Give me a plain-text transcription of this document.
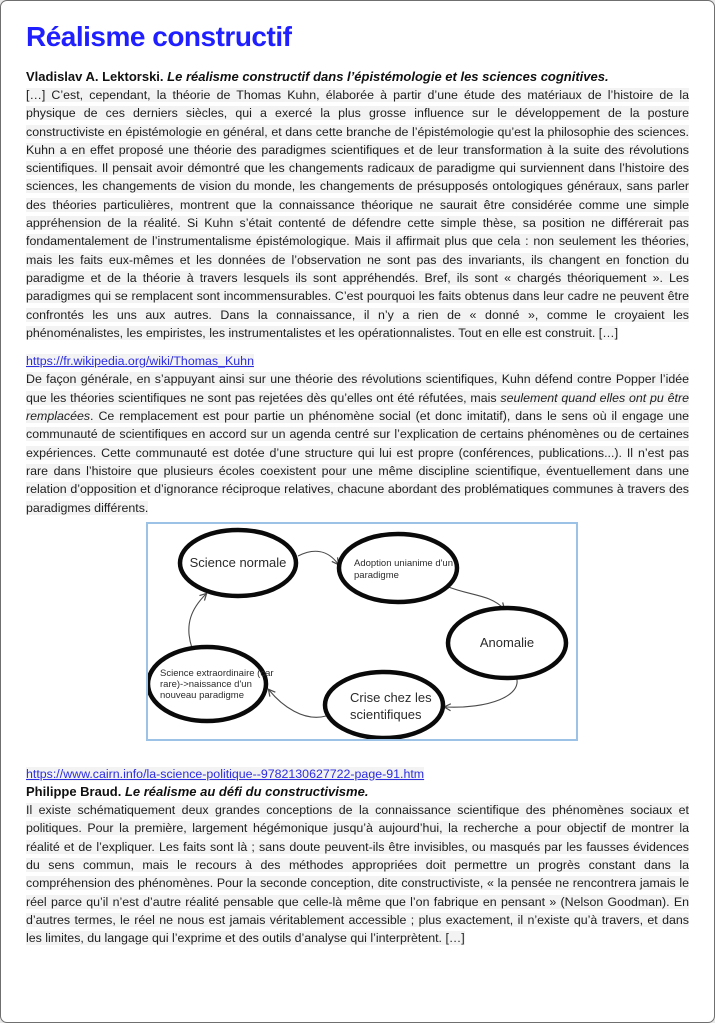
Réalisme constructif

Vladislav A. Lektorski. Le réalisme constructif dans l’épistémologie et les sciences cognitives.

[…] C’est, cependant, la théorie de Thomas Kuhn, élaborée à partir d’une étude des matériaux de l’histoire de la physique de ces derniers siècles, qui a exercé la plus grosse influence sur le développement de la posture constructiviste en épistémologie en général, et dans cette branche de l’épistémologie qu’est la philosophie des sciences. Kuhn a en effet proposé une théorie des paradigmes scientifiques et de leur transformation à la suite des révolutions scientifiques. Il pensait avoir démontré que les changements radicaux de paradigme qui surviennent dans l’histoire des sciences, les changements de vision du monde, les changements de présupposés ontologiques généraux, sans parler des théories particulières, montrent que la connaissance théorique ne saurait être considérée comme une simple appréhension de la réalité. Si Kuhn s’était contenté de défendre cette simple thèse, sa position ne différerait pas fondamentalement de l’instrumentalisme épistémologique. Mais il affirmait plus que cela : non seulement les théories, mais les faits eux-mêmes et les données de l’observation ne sont pas des invariants, ils changent en fonction du paradigme et de la théorie à travers lesquels ils sont appréhendés. Bref, ils sont « chargés théoriquement ». Les paradigmes qui se remplacent sont incommensurables. C’est pourquoi les faits obtenus dans leur cadre ne peuvent être confrontés les uns aux autres. Dans la connaissance, il n’y a rien de « donné », comme le croyaient les phénoménalistes, les empiristes, les instrumentalistes et les opérationnalistes. Tout en elle est construit. […]

https://fr.wikipedia.org/wiki/Thomas_Kuhn

De façon générale, en s’appuyant ainsi sur une théorie des révolutions scientifiques, Kuhn défend contre Popper l’idée que les théories scientifiques ne sont pas rejetées dès qu’elles ont été réfutées, mais seulement quand elles ont pu être remplacées. Ce remplacement est pour partie un phénomène social (et donc imitatif), dans le sens où il engage une communauté de scientifiques en accord sur un agenda centré sur l’explication de certains phénomènes ou de certaines expériences. Cette communauté est dotée d’une structure qui lui est propre (conférences, publications...). Il n’est pas rare dans l’histoire que plusieurs écoles coexistent pour une même discipline scientifique, éventuellement dans une relation d’opposition et d’ignorance réciproque relatives, chacune abordant des problématiques communes à travers des paradigmes différents.

Science normale	Adoption unianime d'un
paradigme
Anomalie
Crise chez les
scientifiques
Science extraordinaire (car
rare)->naissance d'un
nouveau paradigme

https://www.cairn.info/la-science-politique--9782130627722-page-91.htm

Philippe Braud. Le réalisme au défi du constructivisme.

Il existe schématiquement deux grandes conceptions de la connaissance scientifique des phénomènes sociaux et politiques. Pour la première, largement hégémonique jusqu’à aujourd’hui, la recherche a pour objectif de montrer la réalité et de l’expliquer. Les faits sont là ; sans doute peuvent-ils être invisibles, ou masqués par les fausses évidences du sens commun, mais le recours à des méthodes appropriées doit permettre un progrès constant dans la compréhension des phénomènes. Pour la seconde conception, dite constructiviste, « la pensée ne rencontrera jamais le réel parce qu’il n’est d’autre réalité pensable que celle-là même que l’on fabrique en pensant » (Nelson Goodman). En d’autres termes, le réel ne nous est jamais véritablement accessible ; plus exactement, il n’existe qu’à travers, et dans les limites, du langage qui l’exprime et des outils d’analyse qui l’interprètent. […]
